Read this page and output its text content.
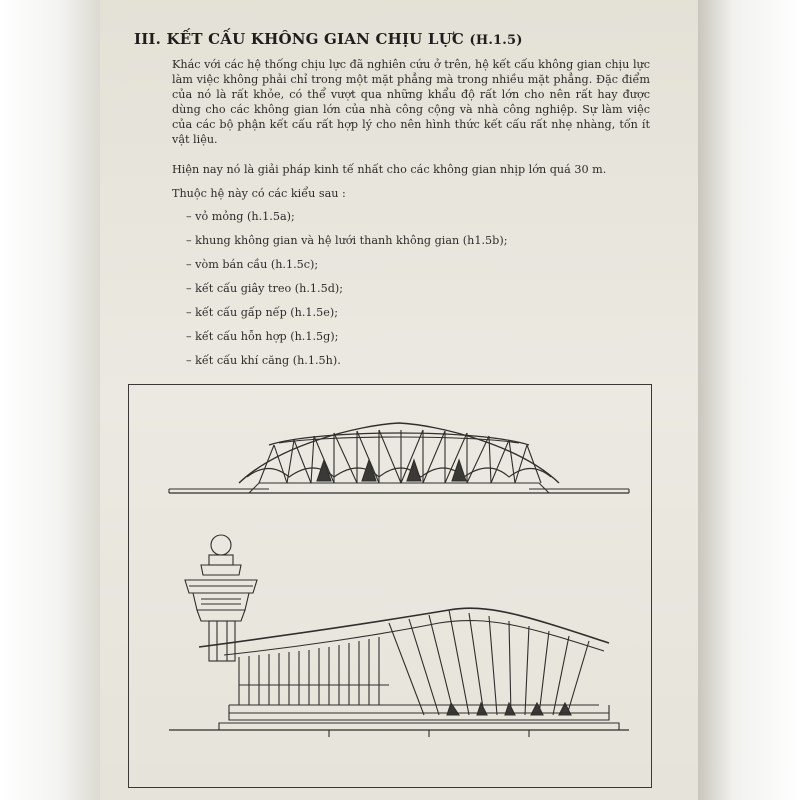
III. KẾT CẤU KHÔNG GIAN CHỊU LỰC (H.1.5)
Khác với các hệ thống chịu lực đã nghiên cứu ở trên, hệ kết cấu không gian chịu lực làm việc không phải chỉ trong một mặt phẳng mà trong nhiều mặt phẳng. Đặc điểm của nó là rất khỏe, có thể vượt qua những khẩu độ rất lớn cho nên rất hay được dùng cho các không gian lớn của nhà công cộng và nhà công nghiệp. Sự làm việc của các bộ phận kết cấu rất hợp lý cho nên hình thức kết cấu rất nhẹ nhàng, tốn ít vật liệu.
Hiện nay nó là giải pháp kinh tế nhất cho các không gian nhịp lớn quá 30 m.
Thuộc hệ này có các kiểu sau :
– vỏ mỏng (h.1.5a);
– khung không gian và hệ lưới thanh không gian (h1.5b);
– vòm bán cầu (h.1.5c);
– kết cấu giây treo (h.1.5d);
– kết cấu gấp nếp (h.1.5e);
– kết cấu hỗn hợp (h.1.5g);
– kết cấu khí căng (h.1.5h).
